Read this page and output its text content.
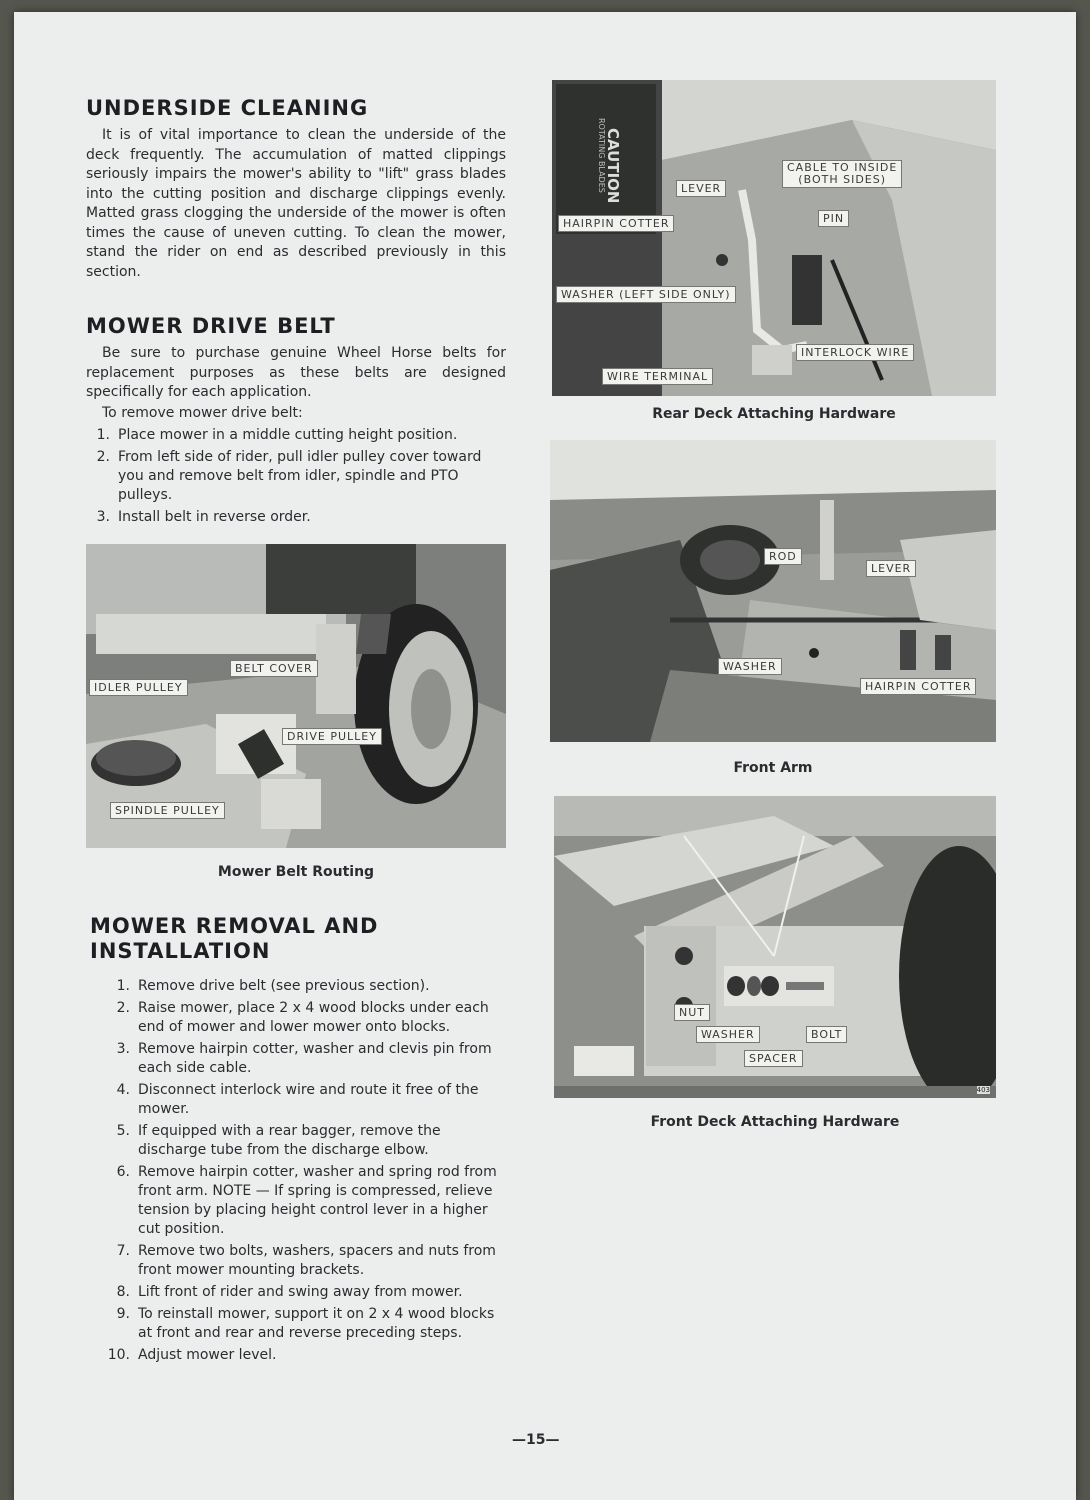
UNDERSIDE CLEANING

It is of vital importance to clean the underside of the deck frequently. The accumulation of matted clippings seriously impairs the mower's ability to "lift" grass blades into the cutting position and discharge clippings evenly. Matted grass clogging the underside of the mower is often times the cause of uneven cutting. To clean the mower, stand the rider on end as described previously in this section.

MOWER DRIVE BELT

Be sure to purchase genuine Wheel Horse belts for replacement purposes as these belts are designed specifically for each application.

To remove mower drive belt:

1. Place mower in a middle cutting height position.
2. From left side of rider, pull idler pulley cover toward you and remove belt from idler, spindle and PTO pulleys.
3. Install belt in reverse order.
IDLER PULLEY
BELT COVER
DRIVE PULLEY
SPINDLE PULLEY

Mower Belt Routing

MOWER REMOVAL AND INSTALLATION
1. Remove drive belt (see previous section).
2. Raise mower, place 2 x 4 wood blocks under each end of mower and lower mower onto blocks.
3. Remove hairpin cotter, washer and clevis pin from each side cable.
4. Disconnect interlock wire and route it free of the mower.
5. If equipped with a rear bagger, remove the discharge tube from the discharge elbow.
6. Remove hairpin cotter, washer and spring rod from front arm. NOTE — If spring is compressed, relieve tension by placing height control lever in a higher cut position.
7. Remove two bolts, washers, spacers and nuts from front mower mounting brackets.
8. Lift front of rider and swing away from mower.
9. To reinstall mower, support it on 2 x 4 wood blocks at front and rear and reverse preceding steps.
10. Adjust mower level.
CAUTION
ROTATING BLADES	LEVER
CABLE TO INSIDE
(BOTH SIDES)
HAIRPIN COTTER	PIN
WASHER (LEFT SIDE ONLY)
INTERLOCK WIRE
WIRE TERMINAL

Rear Deck Attaching Hardware

ROD
LEVER
WASHER
HAIRPIN COTTER

Front Arm

NUT
WASHER	BOLT
SPACER
403

Front Deck Attaching Hardware

—15—
